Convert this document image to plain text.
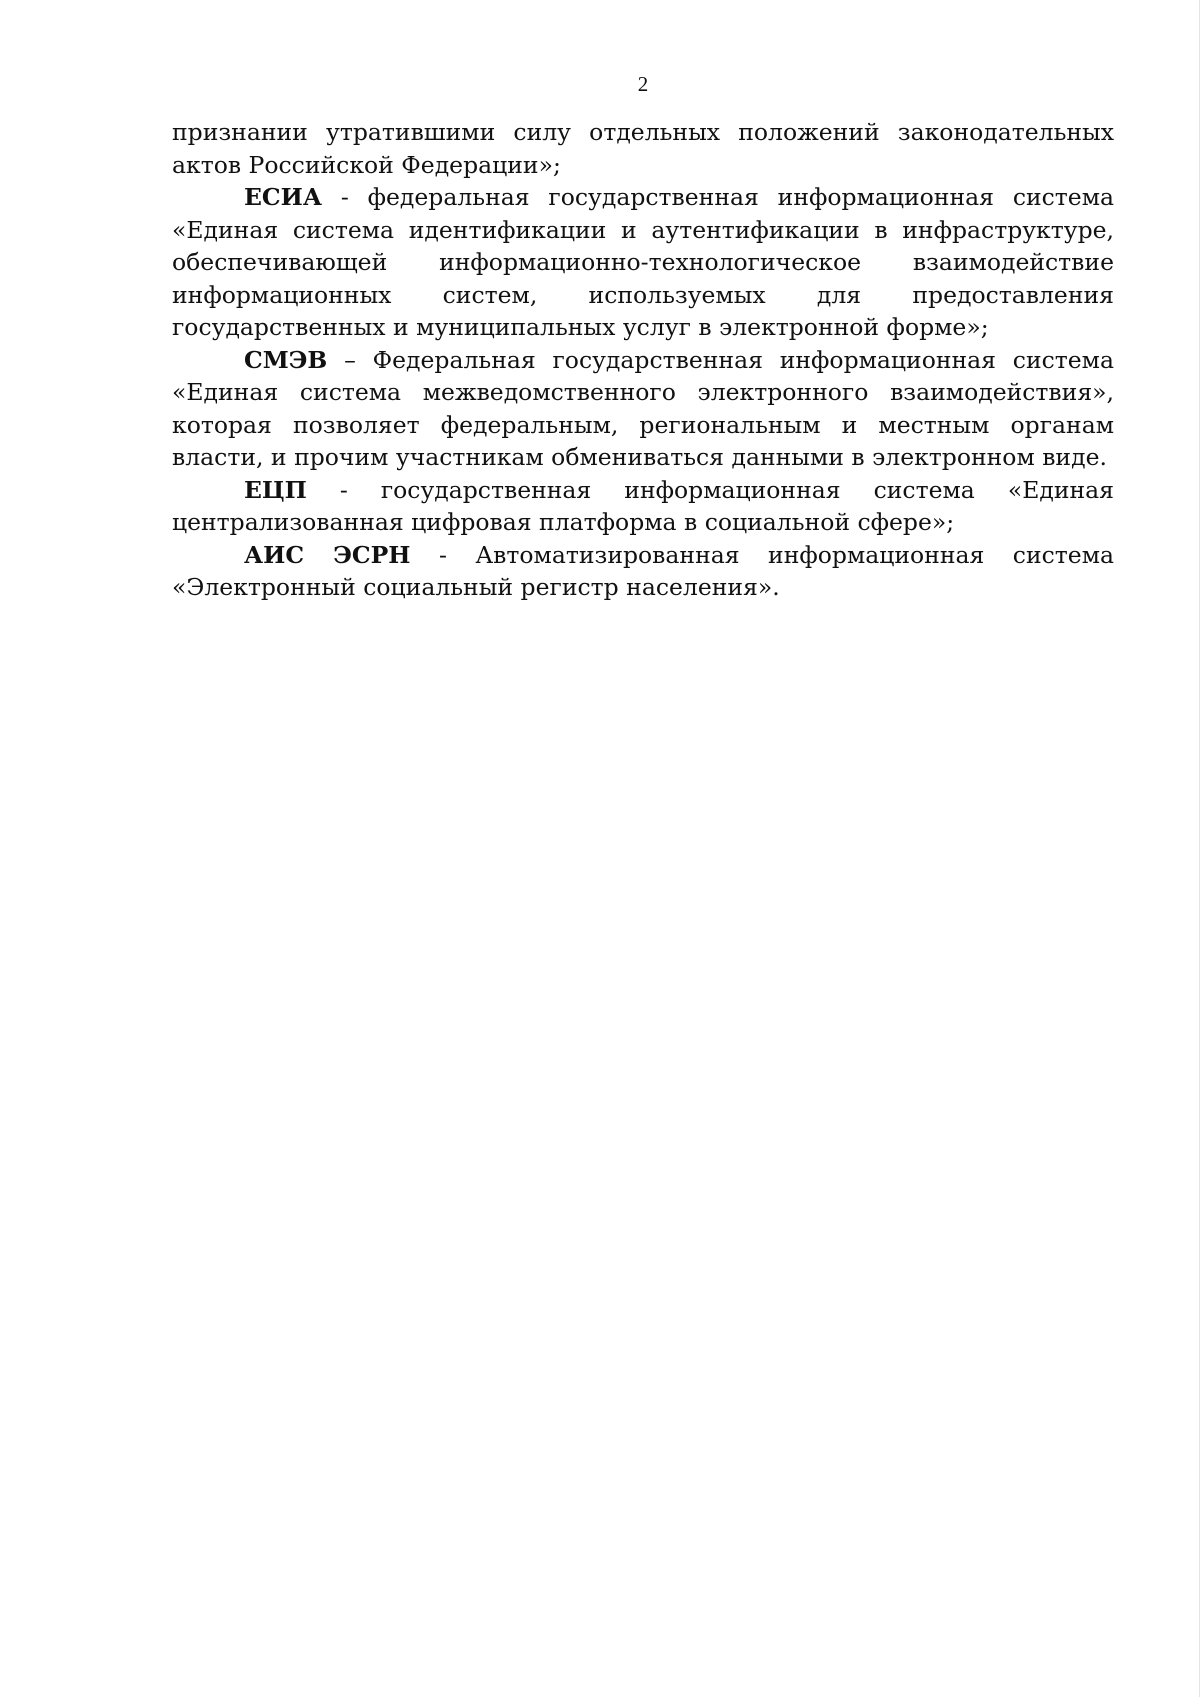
2

признании утратившими силу отдельных положений законодательных актов Российской Федерации»;

ЕСИА - федеральная государственная информационная система «Единая система идентификации и аутентификации в инфраструктуре, обеспечивающей информационно-технологическое взаимодействие информационных систем, используемых для предоставления государственных и муниципальных услуг в электронной форме»;

СМЭВ – Федеральная государственная информационная система «Единая система межведомственного электронного взаимодействия», которая позволяет федеральным, региональным и местным органам власти, и прочим участникам обмениваться данными в электронном виде.

ЕЦП - государственная информационная система «Единая централизованная цифровая платформа в социальной сфере»;

АИС ЭСРН - Автоматизированная информационная система «Электронный социальный регистр населения».
